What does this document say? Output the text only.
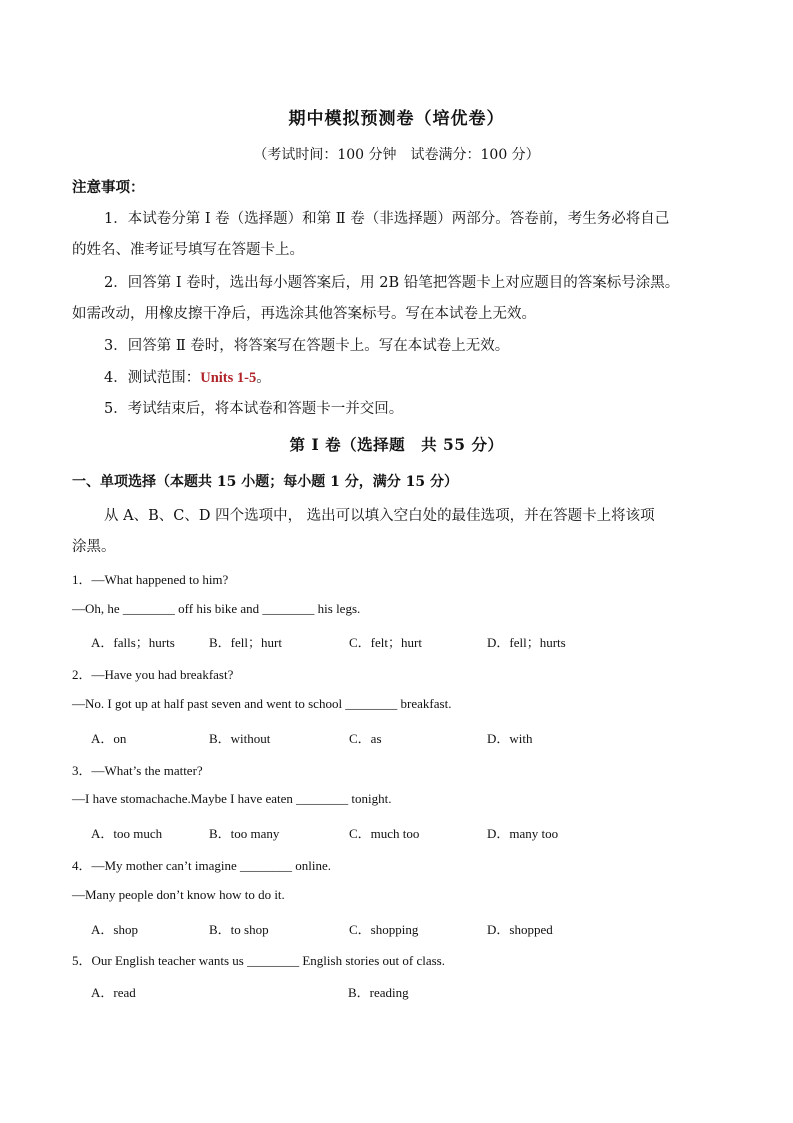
期中模拟预测卷（培优卷）
（考试时间：100 分钟　试卷满分：100 分）
注意事项：
1．本试卷分第 I 卷（选择题）和第 Ⅱ 卷（非选择题）两部分。答卷前，考生务必将自己
的姓名、准考证号填写在答题卡上。
2．回答第 I 卷时，选出每小题答案后，用 2B 铅笔把答题卡上对应题目的答案标号涂黑。
如需改动，用橡皮擦干净后，再选涂其他答案标号。写在本试卷上无效。
3．回答第 Ⅱ 卷时，将答案写在答题卡上。写在本试卷上无效。
4．测试范围：Units 1-5。
5．考试结束后，将本试卷和答题卡一并交回。
第 I 卷（选择题　共 55 分）
一、单项选择（本题共 15 小题；每小题 1 分，满分 15 分）
从 A、B、C、D 四个选项中， 选出可以填入空白处的最佳选项，并在答题卡上将该项
涂黑。
1．—What happened to him?
—Oh, he ________ off his bike and ________ his legs.
A．falls；hurts	B．fell；hurt	C．felt；hurt	D．fell；hurts
2．—Have you had breakfast?
—No. I got up at half past seven and went to school ________ breakfast.
A．on	B．without	C．as	D．with
3．—What’s the matter?
—I have stomachache.Maybe I have eaten ________ tonight.
A．too much	B．too many	C．much too	D．many too
4．—My mother can’t imagine ________ online.
—Many people don’t know how to do it.
A．shop	B．to shop	C．shopping	D．shopped
5．Our English teacher wants us ________ English stories out of class.
A．read	B．reading
